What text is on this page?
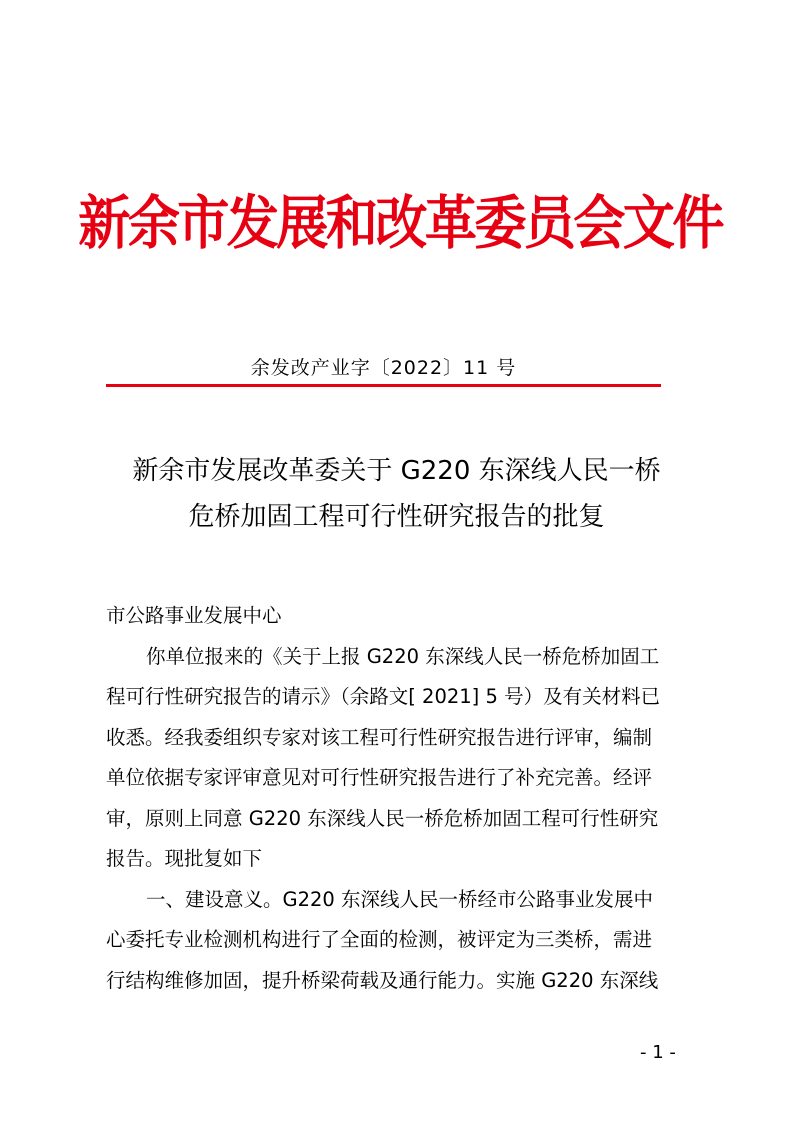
新余市发展和改革委员会文件
余发改产业字〔2022〕11 号
新余市发展改革委关于 G220 东深线人民一桥
危桥加固工程可行性研究报告的批复
市公路事业发展中心
你单位报来的《关于上报 G220 东深线人民一桥危桥加固工
程可行性研究报告的请示》（余路文[ 2021] 5 号）及有关材料已
收悉。经我委组织专家对该工程可行性研究报告进行评审，编制
单位依据专家评审意见对可行性研究报告进行了补充完善。经评
审，原则上同意 G220 东深线人民一桥危桥加固工程可行性研究
报告。现批复如下
一、建设意义。G220 东深线人民一桥经市公路事业发展中
心委托专业检测机构进行了全面的检测，被评定为三类桥，需进
行结构维修加固，提升桥梁荷载及通行能力。实施 G220 东深线
- 1 -
